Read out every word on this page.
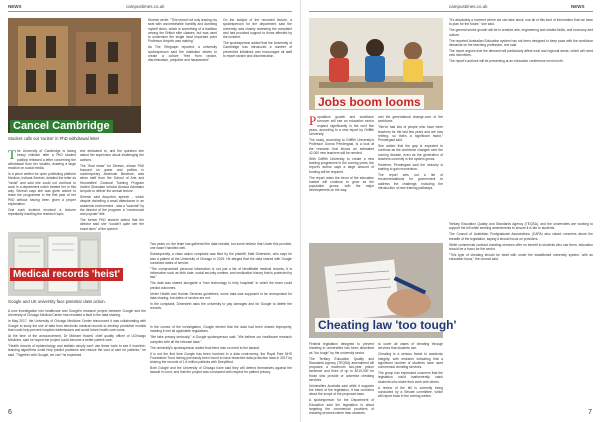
NEWS	campustimes.co.uk
Cancel Cambridge
Student calls out 'racism' in PhD withdrawal letter

The University of Cambridge is facing heavy criticism after a PhD student publicly released a letter concerning the withdrawal from her studies, drawing a large reaction on social media.

In a piece written for open publishing platform Medium, Indiana Seresin, detailed the letter as "racist" and said she could not continue to work in a department which treated her in this way. Seresin says she was given advice to leave the programme in the first year of her PhD without having been given a proper explanation.

One such incident involved a lecturer repeatedly insulting the research topic

she dedicated to, and the question she asked her supervisor about challenging the authors.

The "final straw" for Seresin, whose PhD focused on queer and politics in contemporary American literature, was when staff from the School of Arts and Humanities' Doctoral Training Program invited Ghanaian scholar Akosua Adomako Ampofo to deliver the annual lecture.

Seresin said Ampofo's speech - which despite dwindling a small attendance in an academic environment - was a "scandal" by the director of the program: a "commercial and popular" title.

The former PhD student added that the director said she "couldn't quite see the exact aims" of the speech.

Seresin wrote: "This meant not only leaving my seat with uncomfortable humility and dumbing myself down, which is something of a tradition among the British elite classes, but was used to undermine the single most important point Professor Ampofo was making."

As The Telegraph reported, a university spokesperson said the institution strives to create a culture "free from racism, discrimination, prejudice and harassment".

On the subject of the recorded lecture, a spokesperson for the department said the university was closely reviewing the complaint and had provided support to those affected by the incident.

The spokesperson added that the University of Cambridge has introduced a number of preventive initiatives and encourages all staff to report racism and discrimination.

Medical records 'heist'
Google and UK university face potential class action.

A new investigation into healthcare and Google's research project between Google and the University of Chicago Medical Center has revealed a fault in the data sharing.

In May 2017, the University of Chicago Medicine Center announced it was collaborating with Google to study the use of data from electronic medical records to develop predictive models that could help prevent hospital readmissions and avoid future health care costs.

At the time of the announcement, Dr Michael Howell, chief quality officer of UChicago Medicine, said he hoped the project could become a better patient care.

"Health records of epidemiology and statistic simply can't use these tools to see if machine-learning algorithms could help predict problems and reduce the cost of care for patients," he said. "Together with Google, we can" he explained.

Two years on, the team has gathered the data needed, but some believe that Under this provider, one wasn't handled well.

Subsequently, a class action complaint was filed by the plaintiff, Matt Dinerstein, who says he was a patient at the University of Chicago in 2015. He alleged that the data shared with Google contained dates of service.

"The compromised personal information is not just a list of identifiable medical records; it is information such as birth date, social security number, and medication history that is protected by law."

The data was shared alongside a "new technology to help hospitals" in which the team could predict outcomes.

Under Health and Human Services guidelines, some data was supposed to be anonymised for data sharing; but dates of service are not.

In the complaint, Dinerstein asks the university to pay damages and for Google to delete the records.

In the course of the investigation, Google denied that the data had been shared improperly, insisting it met all applicable regulations.

"We take privacy seriously," a Google spokesperson said. "We believe our healthcare research complies with all the relevant laws."

The university's spokesperson added that there was no merit to the lawsuit.

It is not the first time Google has been involved in a data controversy, the Royal Free NHS Foundation Trust having previously been found to have breached data protection laws in 2017 by sharing the records of 1.6 million patients with DeepMind.

Both Google and the University of Chicago have said they will defend themselves against the lawsuit in court, and that the project was conducted with respect for patient privacy.

6
campustimes.co.uk	NEWS
Jobs boom looms

Population growth and workforce turnover will see an education sector expand significantly in the next five years, according to a new report by Griffith University.

The study, according to Griffith University's Professor Donna Pendergast, is a look at the research that shows an estimated 42,000 new teachers will be needed.

With Griffith University to create a new training programme in the coming years, the report's author says a large amount of funding will be required.

The report notes the trend of the education market will continue to grow as the population grows, with the major developments on the way.

and the generational change-over of the workforce.

"We've had lots of people who have been teachers for the last few years and are now retiring, so that's a significant factor," Pendergast said.

She added that the gap is expected to continue as the workforce changes over the coming decade, even as the generation of teachers currently in the system grows.

However, Pendergast said the industry is starting to gain momentum.

The report sets out a list of recommendations for government to address the challenge, including the introduction of new training pathways.

"It's absolutely a moment where we can take stock, use all of this kind of information that we have to plan for the future," she said.

The general sector growth will be in creative arts, engineering and related fields, and economy and culture.

The reported Australian Education system has not been designed to keep pace with the workforce demands on the teaching profession, she said.

The report argues that the demand will particularly affect rural and regional areas, which will need new incentives.

The report's authors will be presenting at an education conference next month.

Cheating law 'too tough'

Federal legislation designed to prevent cheating in universities has been described as "too tough" by the university sector.

The Tertiary Education Quality and Standards Agency (TEQSA) amendment bill proposes a maximum two-year prison sentence and fines of up to $210,000 for those who provide or advertise cheating services.

Universities Australia said while it supports the intent of the legislation, it has concerns about the scope of the proposed laws.

A spokesperson for the Department of Education said the legislation is about targeting the commercial providers of cheating services rather than students.

to cover all cases of cheating through services that students use.

Cheating is a serious threat to academic integrity, with research indicating that a significant number of students have used commercial cheating services.

The group has expressed concerns that the legislation could inadvertently catch students who share their work with others.

A review of the bill is currently being conducted by a Senate committee, which will report back in the coming weeks.

Tertiary Education Quality and Standards Agency (TEQSA), and the universities are working to support the bill while seeking amendments to ensure it is fair to students.

The Council of Australian Postgraduate Associations (CAPA) also raised concerns about the breadth of the legislation, saying it should focus on providers.

While commercial contract cheating services offer no benefit to students who use them, education should be a focus for the sector.

"This type of cheating should be dealt with under the established university system, with an education focus," the council said.

7
